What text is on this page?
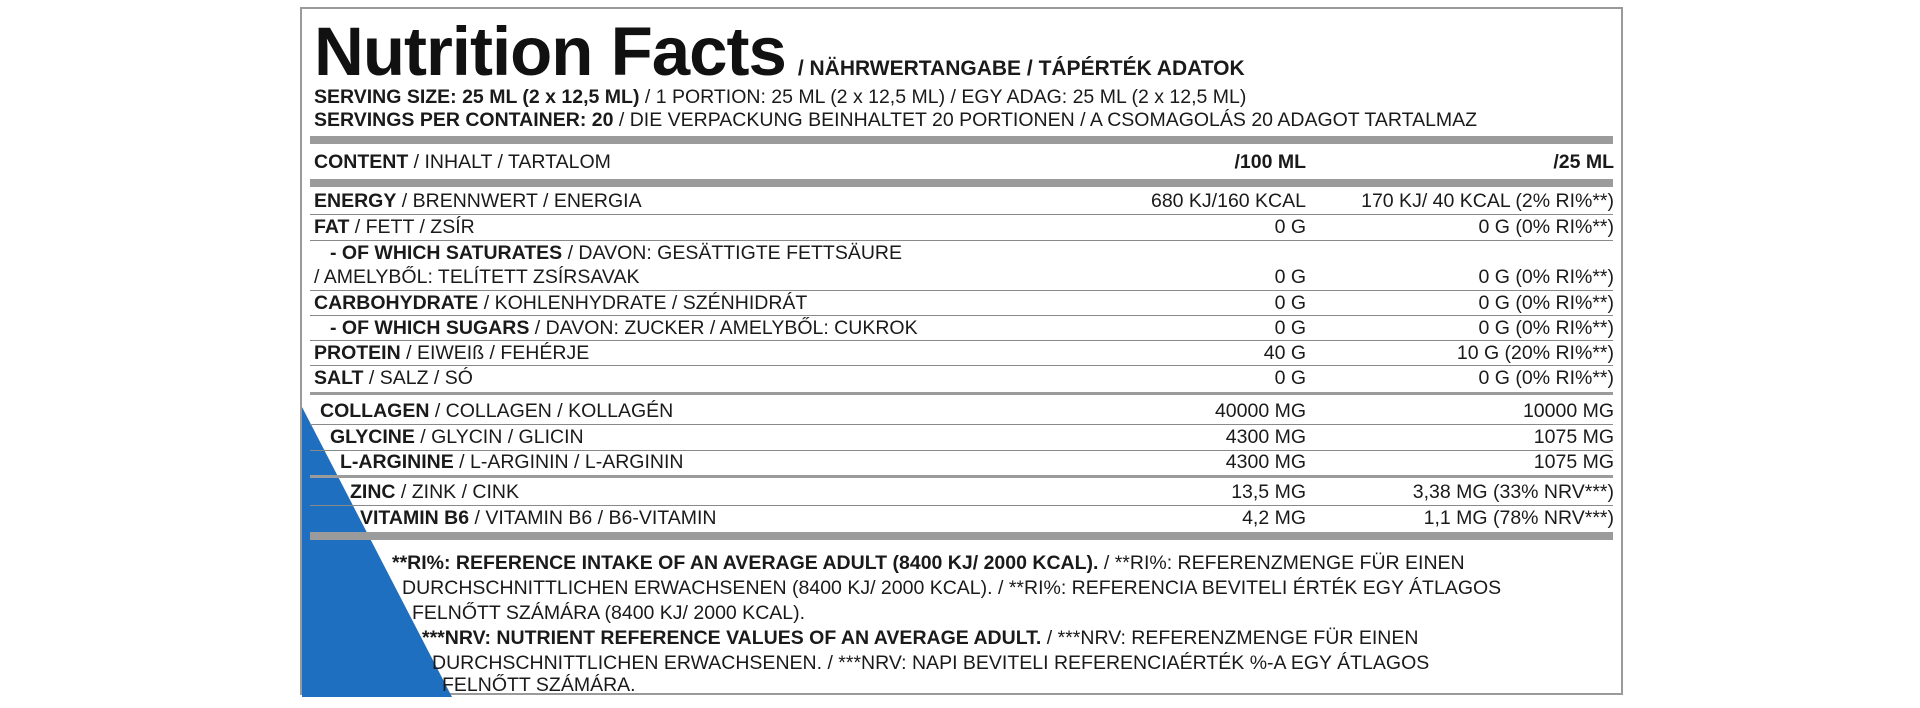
LIVE
Nutrition Facts / NÄHRWERTANGABE / TÁPÉRTÉK ADATOK
SERVING SIZE: 25 ML (2 x 12,5 ML) / 1 PORTION: 25 ML (2 x 12,5 ML) / EGY ADAG: 25 ML (2 x 12,5 ML)
SERVINGS PER CONTAINER: 20 / DIE VERPACKUNG BEINHALTET 20 PORTIONEN / A CSOMAGOLÁS 20 ADAGOT TARTALMAZ
CONTENT / INHALT / TARTALOM	/100 ML	/25 ML
ENERGY / BRENNWERT / ENERGIA	680 KJ/160 KCAL	170 KJ/ 40 KCAL (2% RI%**)
FAT / FETT / ZSÍR	0 G	0 G (0% RI%**)
- OF WHICH SATURATES / DAVON: GESÄTTIGTE FETTSÄURE
/ AMELYBŐL: TELÍTETT ZSÍRSAVAK	0 G	0 G (0% RI%**)
CARBOHYDRATE / KOHLENHYDRATE / SZÉNHIDRÁT	0 G	0 G (0% RI%**)
- OF WHICH SUGARS / DAVON: ZUCKER / AMELYBŐL: CUKROK	0 G	0 G (0% RI%**)
PROTEIN / EIWEIß / FEHÉRJE	40 G	10 G (20% RI%**)
SALT / SALZ / SÓ	0 G	0 G (0% RI%**)
COLLAGEN / COLLAGEN / KOLLAGÉN	40000 MG	10000 MG
GLYCINE / GLYCIN / GLICIN	4300 MG	1075 MG
L-ARGININE / L-ARGININ / L-ARGININ	4300 MG	1075 MG
ZINC / ZINK / CINK	13,5 MG	3,38 MG (33% NRV***)
VITAMIN B6 / VITAMIN B6 / B6-VITAMIN	4,2 MG	1,1 MG (78% NRV***)
**RI%: REFERENCE INTAKE OF AN AVERAGE ADULT (8400 KJ/ 2000 KCAL). / **RI%: REFERENZMENGE FÜR EINEN
DURCHSCHNITTLICHEN ERWACHSENEN (8400 KJ/ 2000 KCAL). / **RI%: REFERENCIA BEVITELI ÉRTÉK EGY ÁTLAGOS
FELNŐTT SZÁMÁRA (8400 KJ/ 2000 KCAL).
***NRV: NUTRIENT REFERENCE VALUES OF AN AVERAGE ADULT. / ***NRV: REFERENZMENGE FÜR EINEN
DURCHSCHNITTLICHEN ERWACHSENEN. / ***NRV: NAPI BEVITELI REFERENCIAÉRTÉK %-A EGY ÁTLAGOS
FELNŐTT SZÁMÁRA.
